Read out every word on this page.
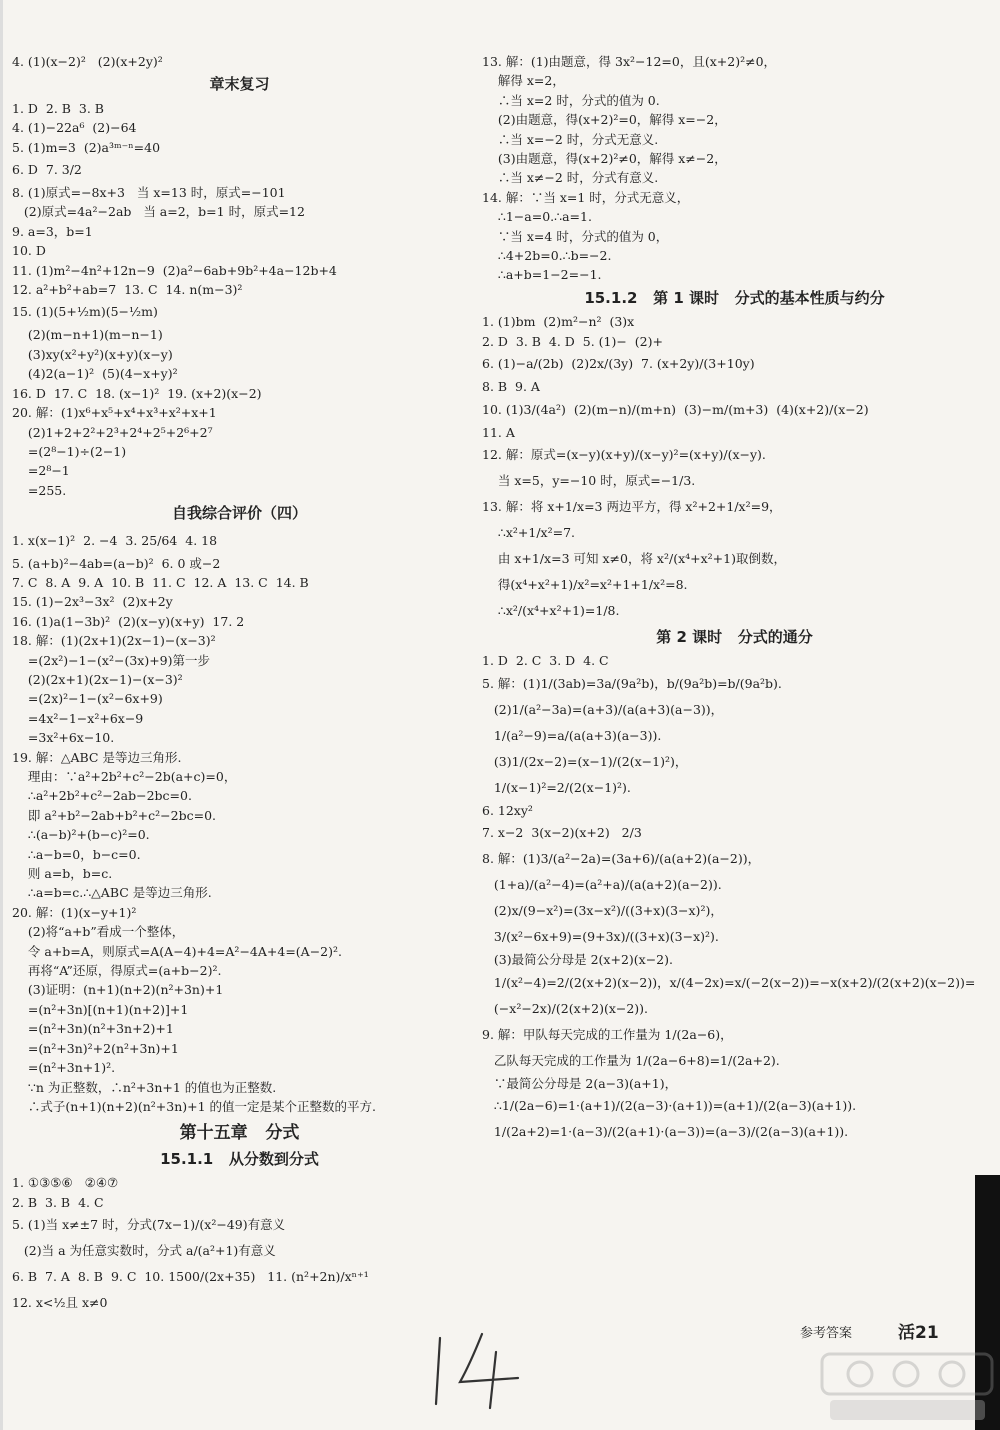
4. (1)(x−2)²   (2)(x+2y)²
章末复习
1. D  2. B  3. B
4. (1)−22a⁶  (2)−64
5. (1)m=3  (2)a³ᵐ⁻ⁿ=40
6. D  7. 3/2
8. (1)原式=−8x+3   当 x=13 时，原式=−101
(2)原式=4a²−2ab   当 a=2，b=1 时，原式=12
9. a=3，b=1
10. D
11. (1)m²−4n²+12n−9  (2)a²−6ab+9b²+4a−12b+4
12. a²+b²+ab=7  13. C  14. n(m−3)²
15. (1)(5+½m)(5−½m)
(2)(m−n+1)(m−n−1)
(3)xy(x²+y²)(x+y)(x−y)
(4)2(a−1)²  (5)(4−x+y)²
16. D  17. C  18. (x−1)²  19. (x+2)(x−2)
20. 解：(1)x⁶+x⁵+x⁴+x³+x²+x+1
(2)1+2+2²+2³+2⁴+2⁵+2⁶+2⁷
=(2⁸−1)÷(2−1)
=2⁸−1
=255.
自我综合评价（四）
1. x(x−1)²  2. −4  3. 25/64  4. 18
5. (a+b)²−4ab=(a−b)²  6. 0 或−2
7. C  8. A  9. A  10. B  11. C  12. A  13. C  14. B
15. (1)−2x³−3x²  (2)x+2y
16. (1)a(1−3b)²  (2)(x−y)(x+y)  17. 2
18. 解：(1)(2x+1)(2x−1)−(x−3)²
=(2x²)−1−(x²−(3x)+9)第一步
(2)(2x+1)(2x−1)−(x−3)²
=(2x)²−1−(x²−6x+9)
=4x²−1−x²+6x−9
=3x²+6x−10.
19. 解：△ABC 是等边三角形.
理由：∵a²+2b²+c²−2b(a+c)=0，
∴a²+2b²+c²−2ab−2bc=0.
即 a²+b²−2ab+b²+c²−2bc=0.
∴(a−b)²+(b−c)²=0.
∴a−b=0，b−c=0.
则 a=b，b=c.
∴a=b=c.∴△ABC 是等边三角形.
20. 解：(1)(x−y+1)²
(2)将“a+b”看成一个整体，
令 a+b=A，则原式=A(A−4)+4=A²−4A+4=(A−2)².
再将“A”还原，得原式=(a+b−2)².
(3)证明：(n+1)(n+2)(n²+3n)+1
=(n²+3n)[(n+1)(n+2)]+1
=(n²+3n)(n²+3n+2)+1
=(n²+3n)²+2(n²+3n)+1
=(n²+3n+1)².
∵n 为正整数，∴n²+3n+1 的值也为正整数.
∴式子(n+1)(n+2)(n²+3n)+1 的值一定是某个正整数的平方.
第十五章   分式
15.1.1   从分数到分式
1. ①③⑤⑥   ②④⑦
2. B  3. B  4. C
5. (1)当 x≠±7 时，分式(7x−1)/(x²−49)有意义
(2)当 a 为任意实数时，分式 a/(a²+1)有意义
6. B  7. A  8. B  9. C  10. 1500/(2x+35)   11. (n²+2n)/xⁿ⁺¹
12. x<½且 x≠0
13. 解：(1)由题意，得 3x²−12=0，且(x+2)²≠0，
解得 x=2，
∴当 x=2 时，分式的值为 0.
(2)由题意，得(x+2)²=0，解得 x=−2，
∴当 x=−2 时，分式无意义.
(3)由题意，得(x+2)²≠0，解得 x≠−2，
∴当 x≠−2 时，分式有意义.
14. 解：∵当 x=1 时，分式无意义，
∴1−a=0.∴a=1.
∵当 x=4 时，分式的值为 0，
∴4+2b=0.∴b=−2.
∴a+b=1−2=−1.
15.1.2   第 1 课时   分式的基本性质与约分
1. (1)bm  (2)m²−n²  (3)x
2. D  3. B  4. D  5. (1)−  (2)+
6. (1)−a/(2b)  (2)2x/(3y)  7. (x+2y)/(3+10y)
8. B  9. A
10. (1)3/(4a²)  (2)(m−n)/(m+n)  (3)−m/(m+3)  (4)(x+2)/(x−2)
11. A
12. 解：原式=(x−y)(x+y)/(x−y)²=(x+y)/(x−y).
当 x=5，y=−10 时，原式=−1/3.
13. 解：将 x+1/x=3 两边平方，得 x²+2+1/x²=9，
∴x²+1/x²=7.
由 x+1/x=3 可知 x≠0，将 x²/(x⁴+x²+1)取倒数，
得(x⁴+x²+1)/x²=x²+1+1/x²=8.
∴x²/(x⁴+x²+1)=1/8.
第 2 课时   分式的通分
1. D  2. C  3. D  4. C
5. 解：(1)1/(3ab)=3a/(9a²b)，b/(9a²b)=b/(9a²b).
(2)1/(a²−3a)=(a+3)/(a(a+3)(a−3))，
1/(a²−9)=a/(a(a+3)(a−3)).
(3)1/(2x−2)=(x−1)/(2(x−1)²)，
1/(x−1)²=2/(2(x−1)²).
6. 12xy²
7. x−2  3(x−2)(x+2)   2/3
8. 解：(1)3/(a²−2a)=(3a+6)/(a(a+2)(a−2))，
(1+a)/(a²−4)=(a²+a)/(a(a+2)(a−2)).
(2)x/(9−x²)=(3x−x²)/((3+x)(3−x)²)，
3/(x²−6x+9)=(9+3x)/((3+x)(3−x)²).
(3)最简公分母是 2(x+2)(x−2).
1/(x²−4)=2/(2(x+2)(x−2))，x/(4−2x)=x/(−2(x−2))=−x(x+2)/(2(x+2)(x−2))=
(−x²−2x)/(2(x+2)(x−2)).
9. 解：甲队每天完成的工作量为 1/(2a−6)，
乙队每天完成的工作量为 1/(2a−6+8)=1/(2a+2).
∵最简公分母是 2(a−3)(a+1)，
∴1/(2a−6)=1·(a+1)/(2(a−3)·(a+1))=(a+1)/(2(a−3)(a+1)).
1/(2a+2)=1·(a−3)/(2(a+1)·(a−3))=(a−3)/(2(a−3)(a+1)).
参考答案	活21
